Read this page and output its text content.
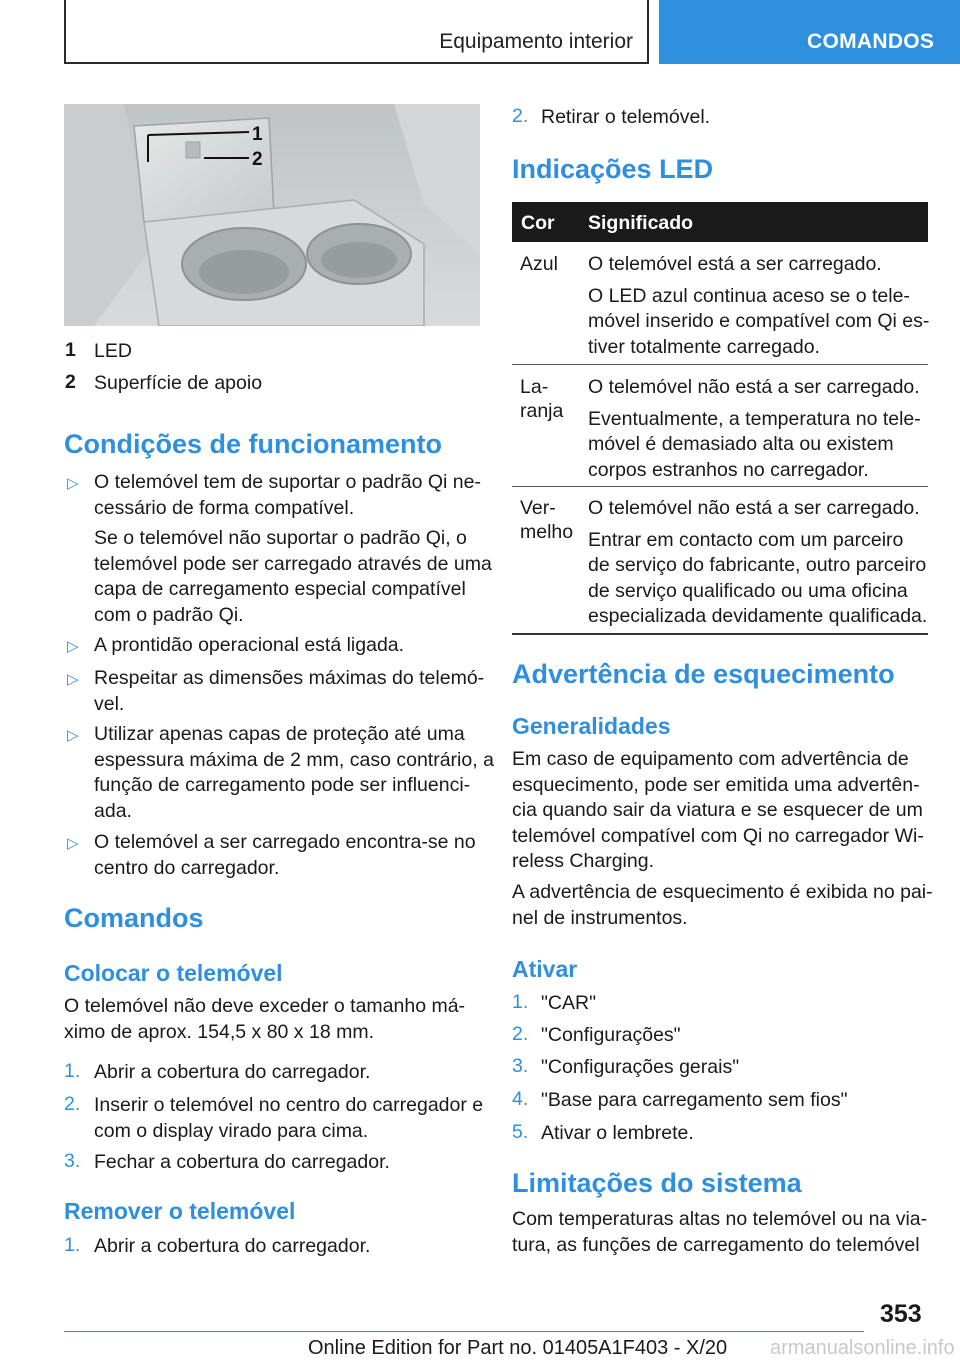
Equipamento interior	COMANDOS
1
2
1 LED
2 Superfície de apoio
Condições de funcionamento
▷ O telemóvel tem de suportar o padrão Qi ne-
cessário de forma compatível.
Se o telemóvel não suportar o padrão Qi, o
telemóvel pode ser carregado através de uma
capa de carregamento especial compatível
com o padrão Qi.
▷ A prontidão operacional está ligada.
▷ Respeitar as dimensões máximas do telemó-
vel.
▷ Utilizar apenas capas de proteção até uma
espessura máxima de 2 mm, caso contrário, a
função de carregamento pode ser influenci-
ada.
▷ O telemóvel a ser carregado encontra-se no
centro do carregador.
Comandos
Colocar o telemóvel
O telemóvel não deve exceder o tamanho má-
ximo de aprox. 154,5 x 80 x 18 mm.
1. Abrir a cobertura do carregador.
2. Inserir o telemóvel no centro do carregador e
com o display virado para cima.
3. Fechar a cobertura do carregador.
Remover o telemóvel
1. Abrir a cobertura do carregador.
2. Retirar o telemóvel.
Indicações LED
Cor Significado
Azul O telemóvel está a ser carregado.
O LED azul continua aceso se o tele-
móvel inserido e compatível com Qi es-
tiver totalmente carregado.
La-
ranja
O telemóvel não está a ser carregado.
Eventualmente, a temperatura no tele-
móvel é demasiado alta ou existem
corpos estranhos no carregador.
Ver-
melho
O telemóvel não está a ser carregado.
Entrar em contacto com um parceiro
de serviço do fabricante, outro parceiro
de serviço qualificado ou uma oficina
especializada devidamente qualificada.
Advertência de esquecimento
Generalidades
Em caso de equipamento com advertência de
esquecimento, pode ser emitida uma advertên-
cia quando sair da viatura e se esquecer de um
telemóvel compatível com Qi no carregador Wi-
reless Charging.
A advertência de esquecimento é exibida no pai-
nel de instrumentos.
Ativar
1. "CAR"
2. "Configurações"
3. "Configurações gerais"
4. "Base para carregamento sem fios"
5. Ativar o lembrete.
Limitações do sistema
Com temperaturas altas no telemóvel ou na via-
tura, as funções de carregamento do telemóvel
353
Online Edition for Part no. 01405A1F403 - X/20 armanualsonline.info
